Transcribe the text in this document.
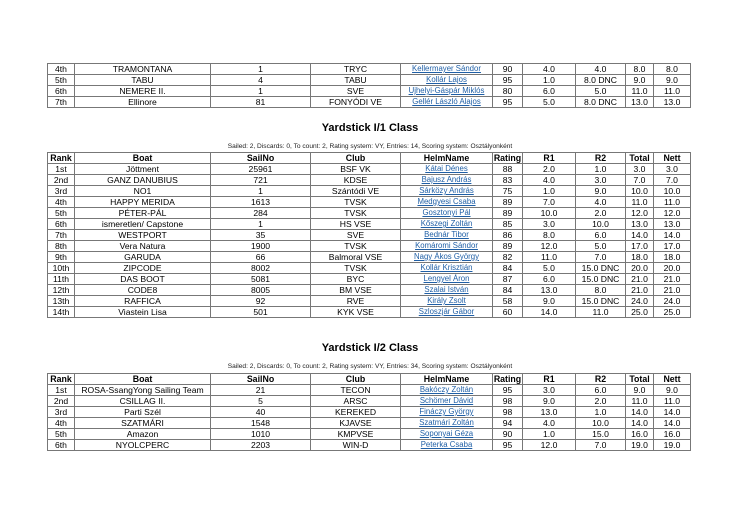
4th	TRAMONTANA	1	TRYC	Kellermayer Sándor	90	4.0	4.0	8.0	8.0
5th	TABU	4	TABU	Kollár Lajos	95	1.0	8.0 DNC	9.0	9.0
6th	NEMERE II.	1	SVE	Ujhelyi-Gáspár Miklós	80	6.0	5.0	11.0	11.0
7th	Ellinore	81	FONYÓDI VE	Gellér László Alajos	95	5.0	8.0 DNC	13.0	13.0
Yardstick I/1 Class
Sailed: 2, Discards: 0, To count: 2, Rating system: VY, Entries: 14, Scoring system: Osztályonként
Rank	Boat	SailNo	Club	HelmName	Rating	R1	R2	Total	Nett
1st	Jöttment	25961	BSF VK	Kátai Dénes	88	2.0	1.0	3.0	3.0
2nd	GANZ DANUBIUS	721	KDSE	Bajusz András	83	4.0	3.0	7.0	7.0
3rd	NO1	1	Szántódi VE	Sárközy András	75	1.0	9.0	10.0	10.0
4th	HAPPY MERIDA	1613	TVSK	Medgyesi Csaba	89	7.0	4.0	11.0	11.0
5th	PÉTER-PÁL	284	TVSK	Gosztonyi Pál	89	10.0	2.0	12.0	12.0
6th	ismeretlen/ Capstone	1	HS VSE	Kőszegi Zoltán	85	3.0	10.0	13.0	13.0
7th	WESTPORT	35	SVE	Bednár Tibor	86	8.0	6.0	14.0	14.0
8th	Vera Natura	1900	TVSK	Komáromi Sándor	89	12.0	5.0	17.0	17.0
9th	GARUDA	66	Balmoral VSE	Nagy Ákos György	82	11.0	7.0	18.0	18.0
10th	ZIPCODE	8002	TVSK	Kollár Krisztián	84	5.0	15.0 DNC	20.0	20.0
11th	DAS BOOT	5081	BYC	Lengyel Áron	87	6.0	15.0 DNC	21.0	21.0
12th	CODE8	8005	BM VSE	Szalai István	84	13.0	8.0	21.0	21.0
13th	RAFFICA	92	RVE	Király Zsolt	58	9.0	15.0 DNC	24.0	24.0
14th	Viastein Lisa	501	KYK VSE	Szloszjár Gábor	60	14.0	11.0	25.0	25.0
Yardstick I/2 Class
Sailed: 2, Discards: 0, To count: 2, Rating system: VY, Entries: 34, Scoring system: Osztályonként
Rank	Boat	SailNo	Club	HelmName	Rating	R1	R2	Total	Nett
1st	ROSA-SsangYong Sailing Team	21	TECON	Bakóczy Zoltán	95	3.0	6.0	9.0	9.0
2nd	CSILLAG II.	5	ARSC	Schömer Dávid	98	9.0	2.0	11.0	11.0
3rd	Parti Szél	40	KEREKED	Fináczy György	98	13.0	1.0	14.0	14.0
4th	SZATMÁRI	1548	KJAVSE	Szatmári Zoltán	94	4.0	10.0	14.0	14.0
5th	Amazon	1010	KMPVSE	Soponyai Géza	90	1.0	15.0	16.0	16.0
6th	NYOLCPERC	2203	WIN-D	Peterka Csaba	95	12.0	7.0	19.0	19.0
